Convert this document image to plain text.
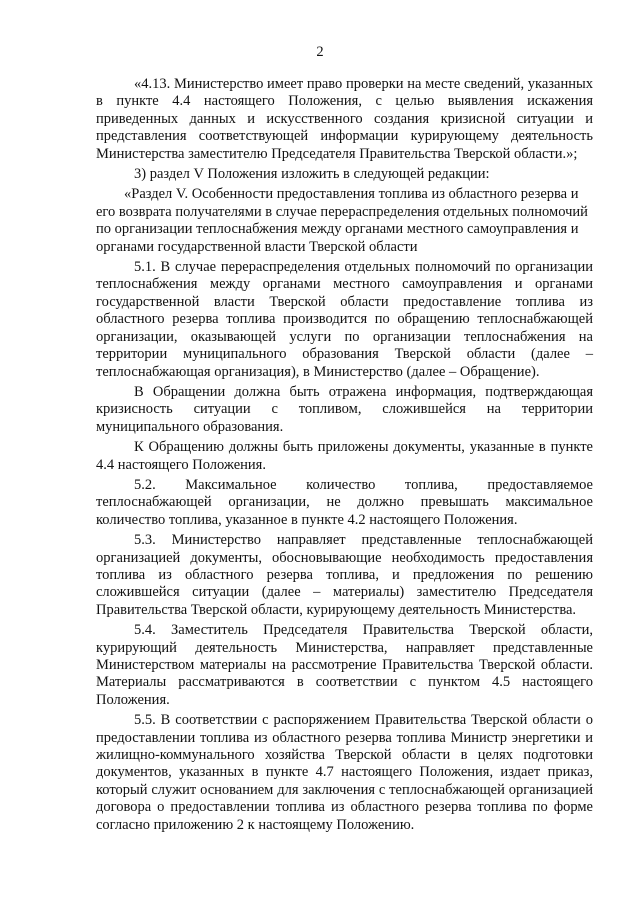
2

«4.13. Министерство имеет право проверки на месте сведений, указанных в пункте 4.4 настоящего Положения, с целью выявления искажения приведенных данных и искусственного создания кризисной ситуации и представления соответствующей информации курирующему деятельность Министерства заместителю Председателя Правительства Тверской области.»;

3) раздел V Положения изложить в следующей редакции:

«Раздел V. Особенности предоставления топлива из областного резерва и его возврата получателями в случае перераспределения отдельных полномочий по организации теплоснабжения между органами местного самоуправления и органами государственной власти Тверской области

5.1. В случае перераспределения отдельных полномочий по организации теплоснабжения между органами местного самоуправления и органами государственной власти Тверской области предоставление топлива из областного резерва топлива производится по обращению теплоснабжающей организации, оказывающей услуги по организации теплоснабжения на территории муниципального образования Тверской области (далее – теплоснабжающая организация), в Министерство (далее – Обращение).

В Обращении должна быть отражена информация, подтверждающая кризисность ситуации с топливом, сложившейся на территории муниципального образования.

К Обращению должны быть приложены документы, указанные в пункте 4.4 настоящего Положения.

5.2. Максимальное количество топлива, предоставляемое теплоснабжающей организации, не должно превышать максимальное количество топлива, указанное в пункте 4.2 настоящего Положения.

5.3. Министерство направляет представленные теплоснабжающей организацией документы, обосновывающие необходимость предоставления топлива из областного резерва топлива, и предложения по решению сложившейся ситуации (далее – материалы) заместителю Председателя Правительства Тверской области, курирующему деятельность Министерства.

5.4. Заместитель Председателя Правительства Тверской области, курирующий деятельность Министерства, направляет представленные Министерством материалы на рассмотрение Правительства Тверской области. Материалы рассматриваются в соответствии с пунктом 4.5 настоящего Положения.

5.5. В соответствии с распоряжением Правительства Тверской области о предоставлении топлива из областного резерва топлива Министр энергетики и жилищно-коммунального хозяйства Тверской области в целях подготовки документов, указанных в пункте 4.7 настоящего Положения, издает приказ, который служит основанием для заключения с теплоснабжающей организацией договора о предоставлении топлива из областного резерва топлива по форме согласно приложению 2 к настоящему Положению.
